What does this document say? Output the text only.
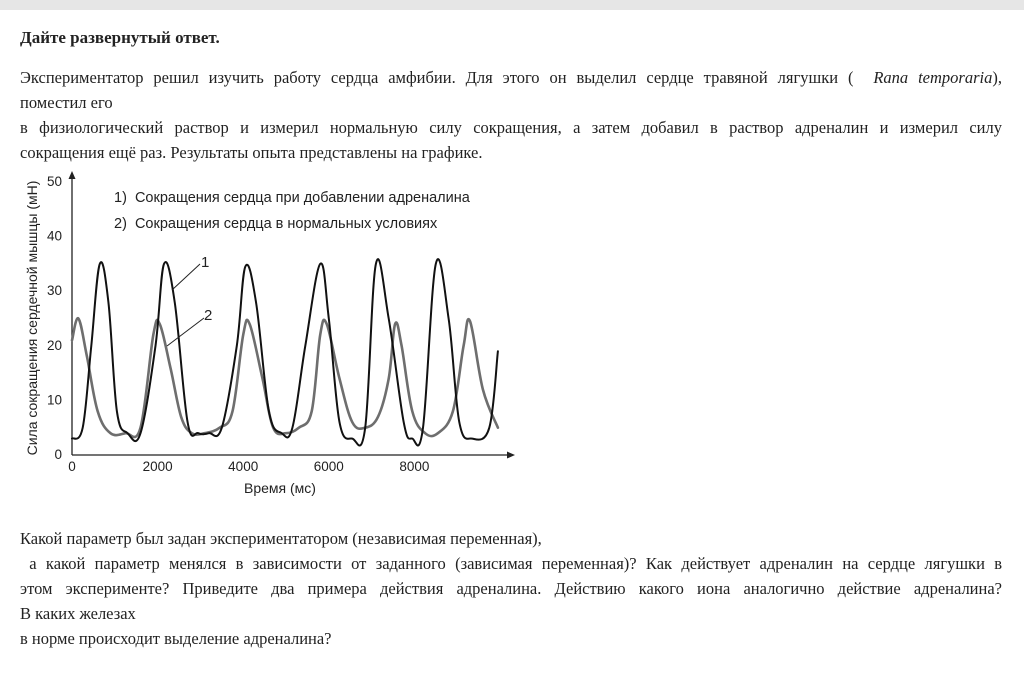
Дайте развернутый ответ.

Экспериментатор решил изучить работу сердца амфибии. Для этого он выделил сердце травяной лягушки ( Rana temporaria),
поместил его
в физиологический раствор и измерил нормальную силу сокращения, а затем добавил в раствор адреналин и измерил силу
сокращения ещё раз. Результаты опыта представлены на графике.

0
10
20
30
40
50
0	2000	4000	6000	8000
Время (мс)
Сила сокращения сердечной мышцы (мН)	1)  Сокращения сердца при добавлении адреналина
2)  Сокращения сердца в нормальных условиях
1
2

Какой параметр был задан экспериментатором (независимая переменная),
а какой параметр менялся в зависимости от заданного (зависимая переменная)? Как действует адреналин на сердце лягушки в
этом эксперименте? Приведите два примера действия адреналина. Действию какого иона аналогично действие адреналина?
В каких железах
в норме происходит выделение адреналина?
